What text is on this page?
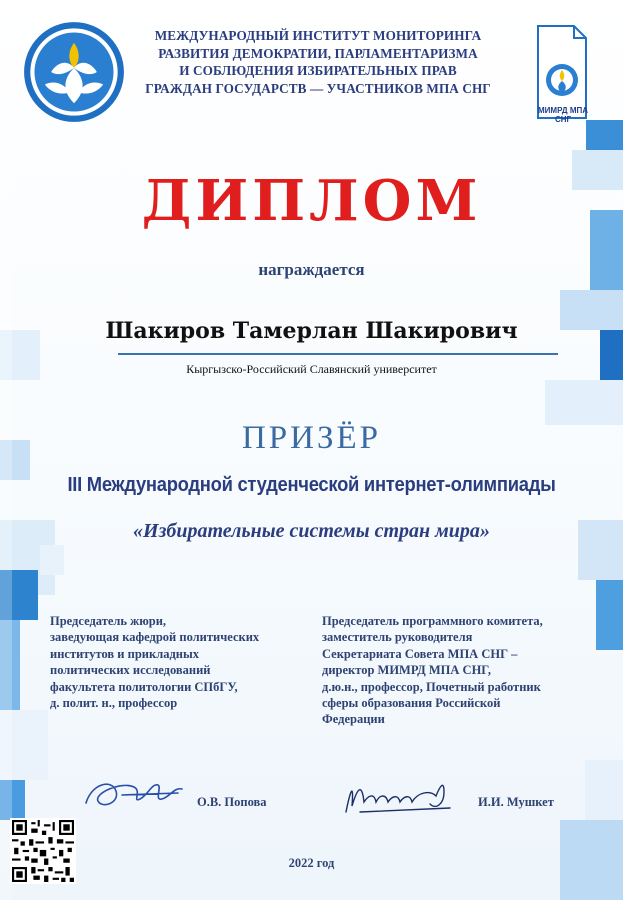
МИМРД МПА СНГ
МЕЖДУНАРОДНЫЙ ИНСТИТУТ МОНИТОРИНГА
РАЗВИТИЯ ДЕМОКРАТИИ, ПАРЛАМЕНТАРИЗМА
И СОБЛЮДЕНИЯ ИЗБИРАТЕЛЬНЫХ ПРАВ
ГРАЖДАН ГОСУДАРСТВ — УЧАСТНИКОВ МПА СНГ
ДИПЛОМ
награждается
Шакиров Тамерлан Шакирович
Кыргызско-Российский Славянский университет
ПРИЗЁР
III Международной студенческой интернет-олимпиады
«Избирательные системы стран мира»
Председатель жюри,
заведующая кафедрой политических
институтов и прикладных
политических исследований
факультета политологии СПбГУ,
д. полит. н., профессор
Председатель программного комитета,
заместитель руководителя
Секретариата Совета МПА СНГ –
директор МИМРД МПА СНГ,
д.ю.н., профессор, Почетный работник
сферы образования Российской
Федерации
О.В. Попова	И.И. Мушкет
2022 год
